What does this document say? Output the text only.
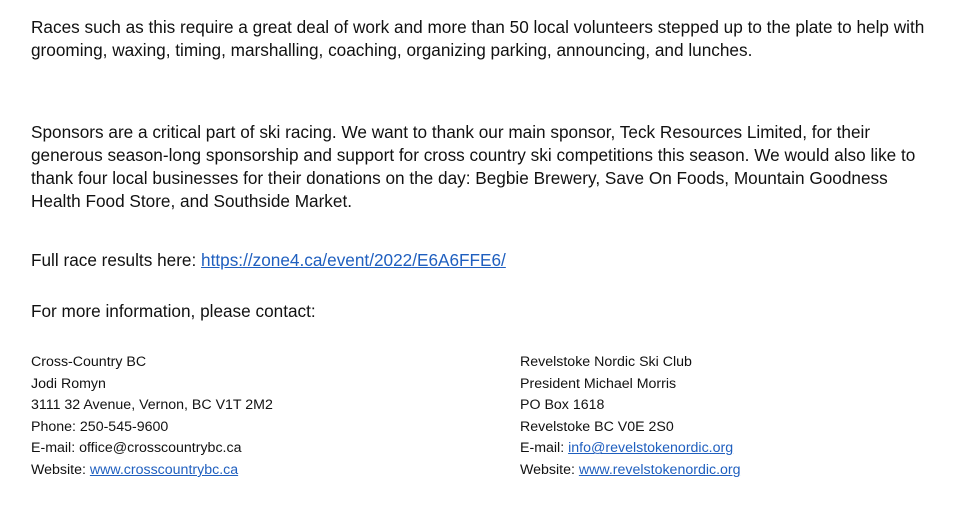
Races such as this require a great deal of work and more than 50 local volunteers stepped up to the plate to help with grooming, waxing, timing, marshalling, coaching, organizing parking, announcing, and lunches.

Sponsors are a critical part of ski racing. We want to thank our main sponsor, Teck Resources Limited, for their generous season-long sponsorship and support for cross country ski competitions this season. We would also like to thank four local businesses for their donations on the day: Begbie Brewery, Save On Foods, Mountain Goodness Health Food Store, and Southside Market.

Full race results here: https://zone4.ca/event/2022/E6A6FFE6/

For more information, please contact:

Cross-Country BC
Jodi Romyn
3111 32 Avenue, Vernon, BC V1T 2M2
Phone: 250-545-9600
E-mail: office@crosscountrybc.ca
Website: www.crosscountrybc.ca
Revelstoke Nordic Ski Club
President Michael Morris
PO Box 1618
Revelstoke BC V0E 2S0
E-mail: info@revelstokenordic.org
Website: www.revelstokenordic.org
